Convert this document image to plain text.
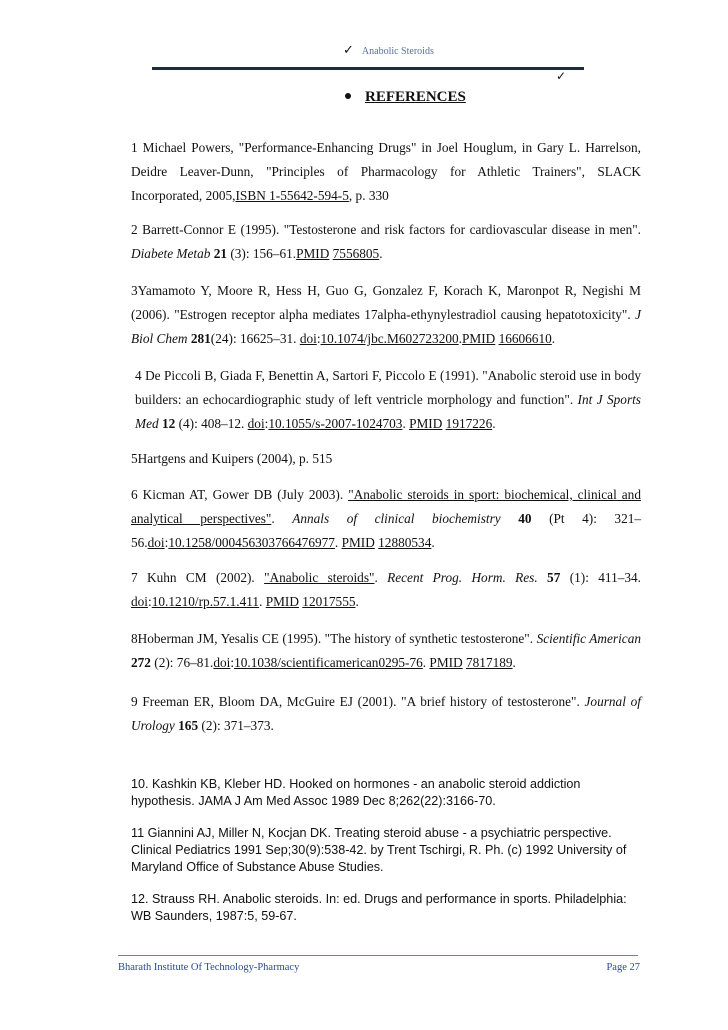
✓ Anabolic Steroids
✓
REFERENCES
1 Michael Powers, "Performance-Enhancing Drugs" in Joel Houglum, in Gary L. Harrelson, Deidre Leaver-Dunn, "Principles of Pharmacology for Athletic Trainers", SLACK Incorporated, 2005,ISBN 1-55642-594-5, p. 330
2 Barrett-Connor E (1995). "Testosterone and risk factors for cardiovascular disease in men". Diabete Metab 21 (3): 156–61.PMID 7556805.
3Yamamoto Y, Moore R, Hess H, Guo G, Gonzalez F, Korach K, Maronpot R, Negishi M (2006). "Estrogen receptor alpha mediates 17alpha-ethynylestradiol causing hepatotoxicity". J Biol Chem 281(24): 16625–31. doi:10.1074/jbc.M602723200.PMID 16606610.
4 De Piccoli B, Giada F, Benettin A, Sartori F, Piccolo E (1991). "Anabolic steroid use in body builders: an echocardiographic study of left ventricle morphology and function". Int J Sports Med 12 (4): 408–12. doi:10.1055/s-2007-1024703. PMID 1917226.
5Hartgens and Kuipers (2004), p. 515
6 Kicman AT, Gower DB (July 2003). "Anabolic steroids in sport: biochemical, clinical and analytical perspectives". Annals of clinical biochemistry 40 (Pt 4): 321–56.doi:10.1258/000456303766476977. PMID 12880534.
7 Kuhn CM (2002). "Anabolic steroids". Recent Prog. Horm. Res. 57 (1): 411–34. doi:10.1210/rp.57.1.411. PMID 12017555.
8Hoberman JM, Yesalis CE (1995). "The history of synthetic testosterone". Scientific American 272 (2): 76–81.doi:10.1038/scientificamerican0295-76. PMID 7817189.
9 Freeman ER, Bloom DA, McGuire EJ (2001). "A brief history of testosterone". Journal of Urology 165 (2): 371–373.
10. Kashkin KB, Kleber HD. Hooked on hormones - an anabolic steroid addiction hypothesis. JAMA J Am Med Assoc 1989 Dec 8;262(22):3166-70.
11 Giannini AJ, Miller N, Kocjan DK. Treating steroid abuse - a psychiatric perspective. Clinical Pediatrics 1991 Sep;30(9):538-42. by Trent Tschirgi, R. Ph. (c) 1992 University of Maryland Office of Substance Abuse Studies.
12. Strauss RH. Anabolic steroids. In: ed. Drugs and performance in sports. Philadelphia: WB Saunders, 1987:5, 59-67.
Bharath Institute Of Technology-Pharmacy	Page 27
